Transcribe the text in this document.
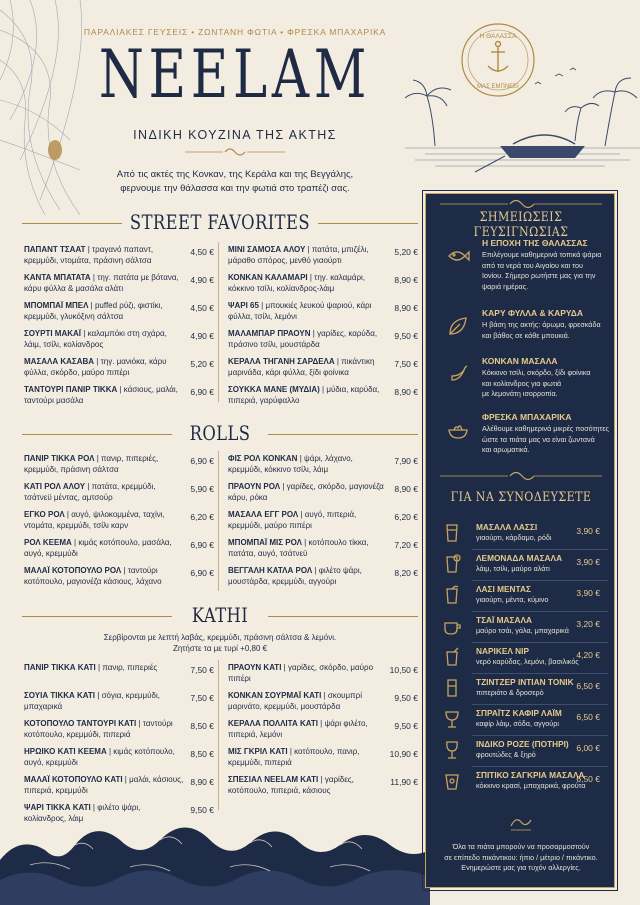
Η ΘΑΛΑΣΣΑ
ΜΑΣ ΕΜΠΝΕΕΙ
ΠΑΡΑΛΙΑΚΕΣ ΓΕΥΣΕΙΣ • ΖΩΝΤΑΝΗ ΦΩΤΙΑ • ΦΡΕΣΚΑ ΜΠΑΧΑΡΙΚΑ
NEELAM
ΙΝΔΙΚΗ ΚΟΥΖΙΝΑ ΤΗΣ ΑΚΤΗΣ
Από τις ακτές της Κονκαν, της Κεράλα και της Βεγγάλης,
φερνουμε την θάλασσα και την φωτιά στο τραπέζι σας.
STREET FAVORITES
ΠΑΠΑΝΤ ΤΣΑΑΤ | τραγανό παπαντ, κρεμμύδι, ντομάτα, πράσινη σάλτσα
4,50 €
ΚΑΝΤΑ ΜΠΑΤΑΤΑ | τηγ. πατάτα με βότανα, κάρυ φύλλα & μασάλα αλάτι
4,90 €
ΜΠΟΜΠΑΪ ΜΠΕΛ | puffed ρύζι, φιστίκι, κρεμμύδι, γλυκόξινη σάλτσα
4,50 €
ΣΟΥΡΤΙ ΜΑΚΑΪ | καλαμπόκι στη σχάρα, λάιμ, τσίλι, κολίανδρος
4,90 €
ΜΑΣΑΛΑ ΚΑΣΑΒΑ | τηγ. μανιόκα, κάρυ φύλλα, σκόρδο, μαύρο πιπέρι
5,20 €
ΤΑΝΤΟΥΡΙ ΠΑΝΙΡ ΤΙΚΚΑ | κάσιους, μαλάι, ταντούρι μασάλα
6,90 €
ΜΙΝΙ ΣΑΜΟΣΑ ΑΛΟΥ | πατάτα, μπιζέλι, μάραθο σπόρος, μενθό γιαούρτι
5,20 €
ΚΟΝΚΑΝ ΚΑΛΑΜΑΡΙ | τηγ. καλαμάρι, κόκκινο τσίλι, κολίανδρος-λάιμ
8,90 €
ΨΑΡΙ 65 | μπουκιές λευκού ψαριού, κάρι φύλλα, τσίλι, λεμόνι
8,90 €
ΜΑΛΑΜΠΑΡ ΠΡΑΟΥΝ | γαρίδες, καρύδα, πράσινο τσίλι, μουστάρδα
9,50 €
ΚΕΡΑΛΑ ΤΗΓΑΝΗ ΣΑΡΔΕΛΑ | πικάντικη μαρινάδα, κάρι φύλλα, ξίδι φοίνικα
7,50 €
ΣΟΥΚΚΑ ΜΑΝΕ (ΜΥΔΙΑ) | μύδια, καρύδα, πιπεριά, γαρύφαλλο
8,90 €
ROLLS
ΠΑΝΙΡ ΤΙΚΚΑ ΡΟΛ | πανιρ, πιπεριές, κρεμμύδι, πράσινη σάλτσα
6,90 €
ΚΑΤΙ ΡΟΛ ΑΛΟΥ | πατάτα, κρεμμύδι, τσάτνεϋ μέντας, αμτσούρ
5,90 €
ΕΓΚΟ ΡΟΛ | αυγό, ψιλοκομμένα, ταχίνι, ντομάτα, κρεμμύδι, τσίλι καρν
6,20 €
ΡΟΛ ΚΕΕΜΑ | κιμάς κοτόπουλο, μασάλα, αυγό, κρεμμύδι
6,90 €
ΜΑΛΑΪ ΚΟΤΟΠΟΥΛΟ ΡΟΛ | ταντούρι κοτόπουλο, μαγιονέζα κάσιους, λάχανο
6,90 €
ΦΙΣ ΡΟΛ ΚΟΝΚΑΝ | ψάρι, λάχανο, κρεμμύδι, κόκκινο τσίλι, λάιμ
7,90 €
ΠΡΑΟΥΝ ΡΟΛ | γαρίδες, σκόρδο, μαγιονέζα κάρυ, ρόκα
8,90 €
ΜΑΣΑΛΑ ΕΓΓ ΡΟΛ | αυγό, πιπεριά, κρεμμύδι, μαύρο πιπέρι
6,20 €
ΜΠΟΜΠΑΪ ΜΙΣ ΡΟΛ | κοτόπουλο τίκκα, πατάτα, αυγό, τσάτνεϋ
7,20 €
ΒΕΓΓΑΛΗ ΚΑΤΛΑ ΡΟΛ | φιλέτο ψάρι, μουστάρδα, κρεμμύδι, αγγούρι
8,20 €
KATHI
Σερβίρονται με λεπτή λαβάς, κρεμμύδι, πράσινη σάλτσα & λεμόνι.
Ζητήστε τα με τυρί +0,80 €
ΠΑΝΙΡ ΤΙΚΚΑ ΚΑΤΙ | πανιρ, πιπεριές	7,50 €
ΣΟΥΙΑ ΤΙΚΚΑ ΚΑΤΙ | σόγια, κρεμμύδι, μπαχαρικά
7,50 €
ΚΟΤΟΠΟΥΛΟ ΤΑΝΤΟΥΡΙ ΚΑΤΙ | ταντούρι κοτόπουλο, κρεμμύδι, πιπεριά
8,50 €
ΗΡΩΙΚΟ ΚΑΤΙ ΚΕΕΜΑ | κιμάς κοτόπουλο, αυγό, κρεμμύδι
8,50 €
ΜΑΛΑΪ ΚΟΤΟΠΟΥΛΟ ΚΑΤΙ | μαλάι, κάσιους, πιπεριά, κρεμμύδι
8,90 €
ΨΑΡΙ ΤΙΚΚΑ ΚΑΤΙ | φιλέτο ψάρι, κολίανδρος, λάιμ
9,50 €
ΠΡΑΟΥΝ ΚΑΤΙ | γαρίδες, σκόρδο, μαύρο πιπέρι
10,50 €
ΚΟΝΚΑΝ ΣΟΥΡΜΑΪ ΚΑΤΙ | σκουμπρί μαρινάτο, κρεμμύδι, μουστάρδα
9,50 €
ΚΕΡΑΛΑ ΠΟΛΛΙΤΑ ΚΑΤΙ | ψάρι φιλέτο, πιπεριά, λεμόνι
9,50 €
ΜΙΣ ΓΚΡΙΛ ΚΑΤΙ | κοτόπουλο, πανιρ, κρεμμύδι, πιπεριά
10,90 €
ΣΠΕΣΙΑΛ NEELAM ΚΑΤΙ | γαρίδες, κοτόπουλο, πιπεριά, κάσιους
11,90 €
ΣΗΜΕΙΩΣΕΙΣ ΓΕΥΣΙΓΝΩΣΙΑΣ
Η ΕΠΟΧΗ ΤΗΣ ΘΑΛΑΣΣΑΣ
Επιλέγουμε καθημερινά τοπικά ψάρια
από τα νερά του Αιγαίου και του
Ιονίου. Σήμερο ρωτήστε μας για την
ψαριά ημέρας.
ΚΑΡΥ ΦΥΛΛΑ & ΚΑΡΥΔΑ
Η βάση της ακτής: άρωμα, φρεσκάδα
και βάθος σε κάθε μπουκιά.
ΚΟΝΚΑΝ ΜΑΣΑΛΑ
Κόκκινο τσίλι, σκόρδο, ξίδι φοίνικα
και κολίανδρος για φωτιά
με λεμονάτη ισορροπία.
ΦΡΕΣΚΑ ΜΠΑΧΑΡΙΚΑ
Αλέθουμε καθημερινά μικρές ποσότητες
ώστε τα πιάτα μας να είναι ζωντανά
και αρωματικά.
ΓΙΑ ΝΑ ΣΥΝΟΔΕΥΣΕΤΕ
ΜΑΣΑΛΑ ΛΑΣΣΙ
γιαούρτι, κάρδαμο, ρόδι
3,90 €
ΛΕΜΟΝΑΔΑ ΜΑΣΑΛΑ
λάιμ, τσίλι, μαύρο αλάτι
3,90 €
ΛΑΣΙ ΜΕΝΤΑΣ
γιαούρτι, μέντα, κύμινο
3,90 €
ΤΣΑΪ ΜΑΣΑΛΑ
μαύρο τσάι, γάλα, μπαχαρικά
3,20 €
ΝΑΡΙΚΕΛ ΝΙΡ
νερό καρύδας, λεμόνι, βασιλικός
4,20 €
ΤΖΙΝΤΖΕΡ ΙΝΤΙΑΝ ΤΟΝΙΚ
πιπεριότο & δροσερό
6,50 €
ΣΠΡΑΪΤΖ ΚΑΦΙΡ ΛΑΪΜ
καφίρ λάιμ, σόδα, αγγούρι
6,50 €
ΙΝΔΙΚΟ ΡΟΖΕ (ΠΟΤΗΡΙ)
φρουτώδες & ξηρό
6,00 €
ΣΠΙΤΙΚΟ ΣΑΓΚΡΙΑ ΜΑΣΑΛΑ
κόκκινο κρασί, μπαχαρικά, φρούτα
6,50 €
Όλα τα πιάτα μπορούν να προσαρμοστούν
σε επίπεδο πικάντικου: ήπιο / μέτριο / πικάντικο.
Ενημερώστε μας για τυχόν αλλεργίες.
